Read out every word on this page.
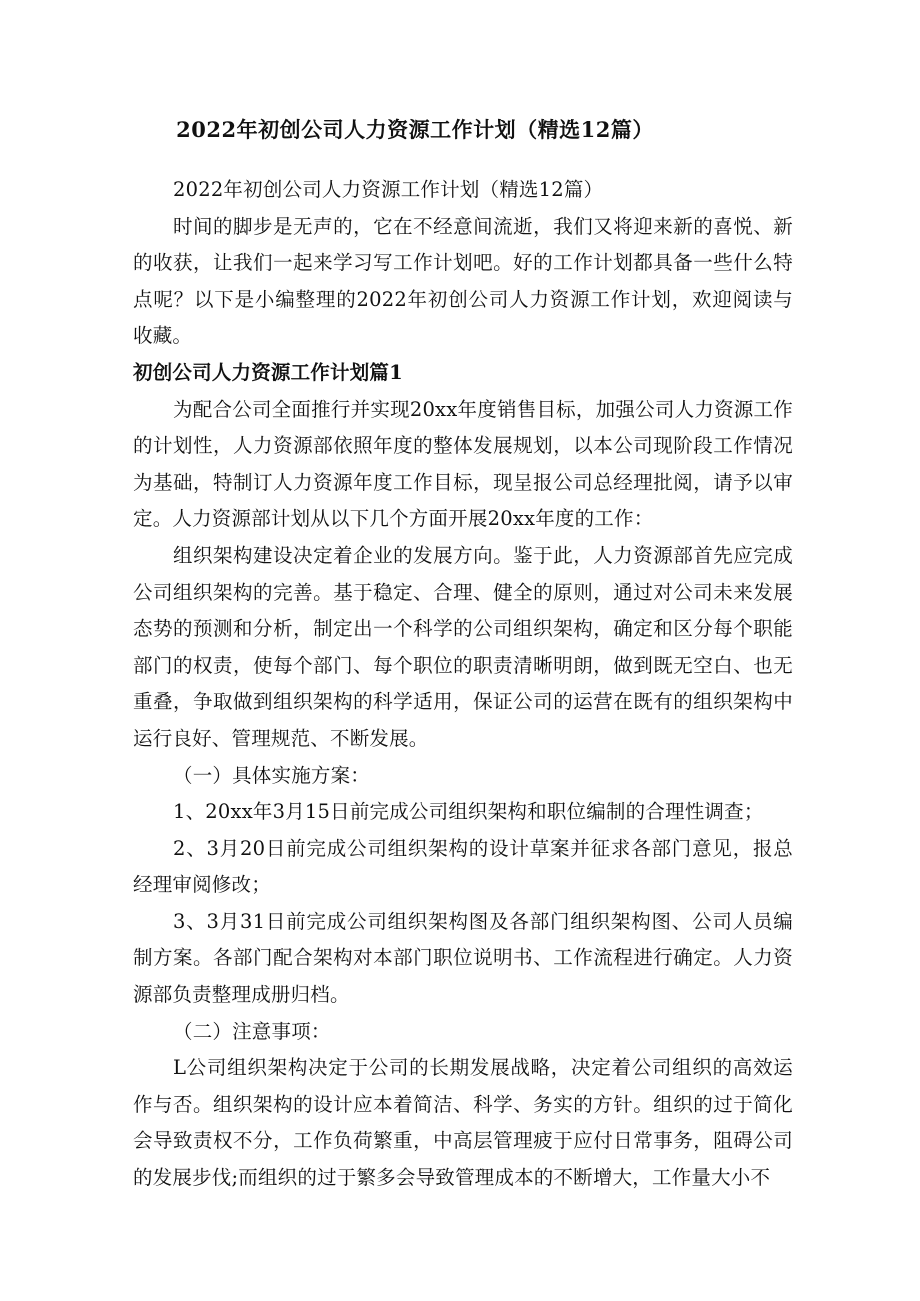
2022年初创公司人力资源工作计划（精选12篇）

2022年初创公司人力资源工作计划（精选12篇）

时间的脚步是无声的，它在不经意间流逝，我们又将迎来新的喜悦、新的收获，让我们一起来学习写工作计划吧。好的工作计划都具备一些什么特点呢？以下是小编整理的2022年初创公司人力资源工作计划，欢迎阅读与收藏。

初创公司人力资源工作计划篇1

为配合公司全面推行并实现20xx年度销售目标，加强公司人力资源工作的计划性，人力资源部依照年度的整体发展规划，以本公司现阶段工作情况为基础，特制订人力资源年度工作目标，现呈报公司总经理批阅，请予以审定。人力资源部计划从以下几个方面开展20xx年度的工作：

组织架构建设决定着企业的发展方向。鉴于此，人力资源部首先应完成公司组织架构的完善。基于稳定、合理、健全的原则，通过对公司未来发展态势的预测和分析，制定出一个科学的公司组织架构，确定和区分每个职能部门的权责，使每个部门、每个职位的职责清晰明朗，做到既无空白、也无重叠，争取做到组织架构的科学适用，保证公司的运营在既有的组织架构中运行良好、管理规范、不断发展。

（一）具体实施方案：

1、20xx年3月15日前完成公司组织架构和职位编制的合理性调查；

2、3月20日前完成公司组织架构的设计草案并征求各部门意见，报总经理审阅修改；

3、3月31日前完成公司组织架构图及各部门组织架构图、公司人员编制方案。各部门配合架构对本部门职位说明书、工作流程进行确定。人力资源部负责整理成册归档。

（二）注意事项：

L公司组织架构决定于公司的长期发展战略，决定着公司组织的高效运作与否。组织架构的设计应本着简洁、科学、务实的方针。组织的过于简化会导致责权不分，工作负荷繁重，中高层管理疲于应付日常事务，阻碍公司的发展步伐;而组织的过于繁多会导致管理成本的不断增大，工作量大小不
